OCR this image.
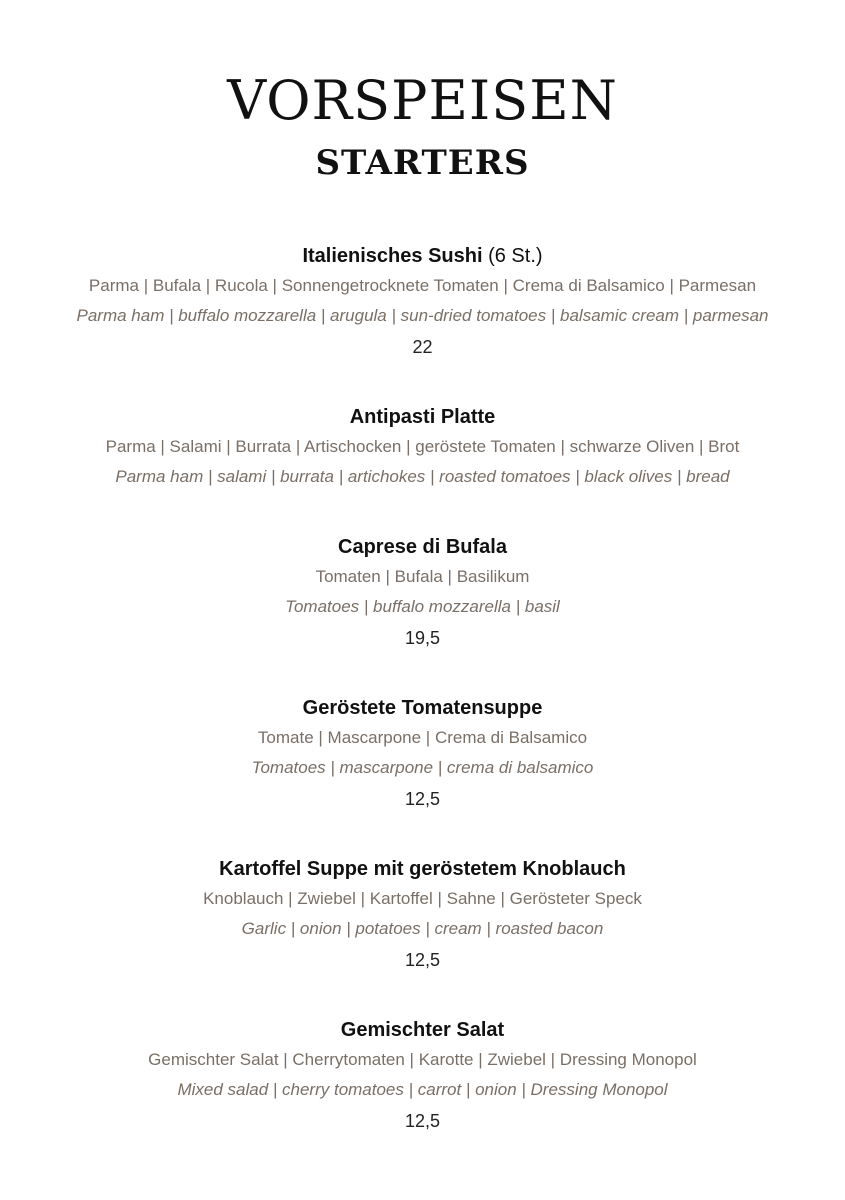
VORSPEISEN
STARTERS
Italienisches Sushi (6 St.)
Parma | Bufala | Rucola | Sonnengetrocknete Tomaten | Crema di Balsamico | Parmesan
Parma ham | buffalo mozzarella | arugula | sun-dried tomatoes | balsamic cream | parmesan
22
Antipasti Platte
Parma | Salami | Burrata | Artischocken | geröstete Tomaten | schwarze Oliven | Brot
Parma ham | salami | burrata | artichokes | roasted tomatoes | black olives | bread
Caprese di Bufala
Tomaten | Bufala | Basilikum
Tomatoes | buffalo mozzarella | basil
19,5
Geröstete Tomatensuppe
Tomate | Mascarpone | Crema di Balsamico
Tomatoes | mascarpone | crema di balsamico
12,5
Kartoffel Suppe mit geröstetem Knoblauch
Knoblauch | Zwiebel | Kartoffel | Sahne | Gerösteter Speck
Garlic | onion | potatoes | cream | roasted bacon
12,5
Gemischter Salat
Gemischter Salat | Cherrytomaten | Karotte | Zwiebel | Dressing Monopol
Mixed salad | cherry tomatoes | carrot | onion | Dressing Monopol
12,5
